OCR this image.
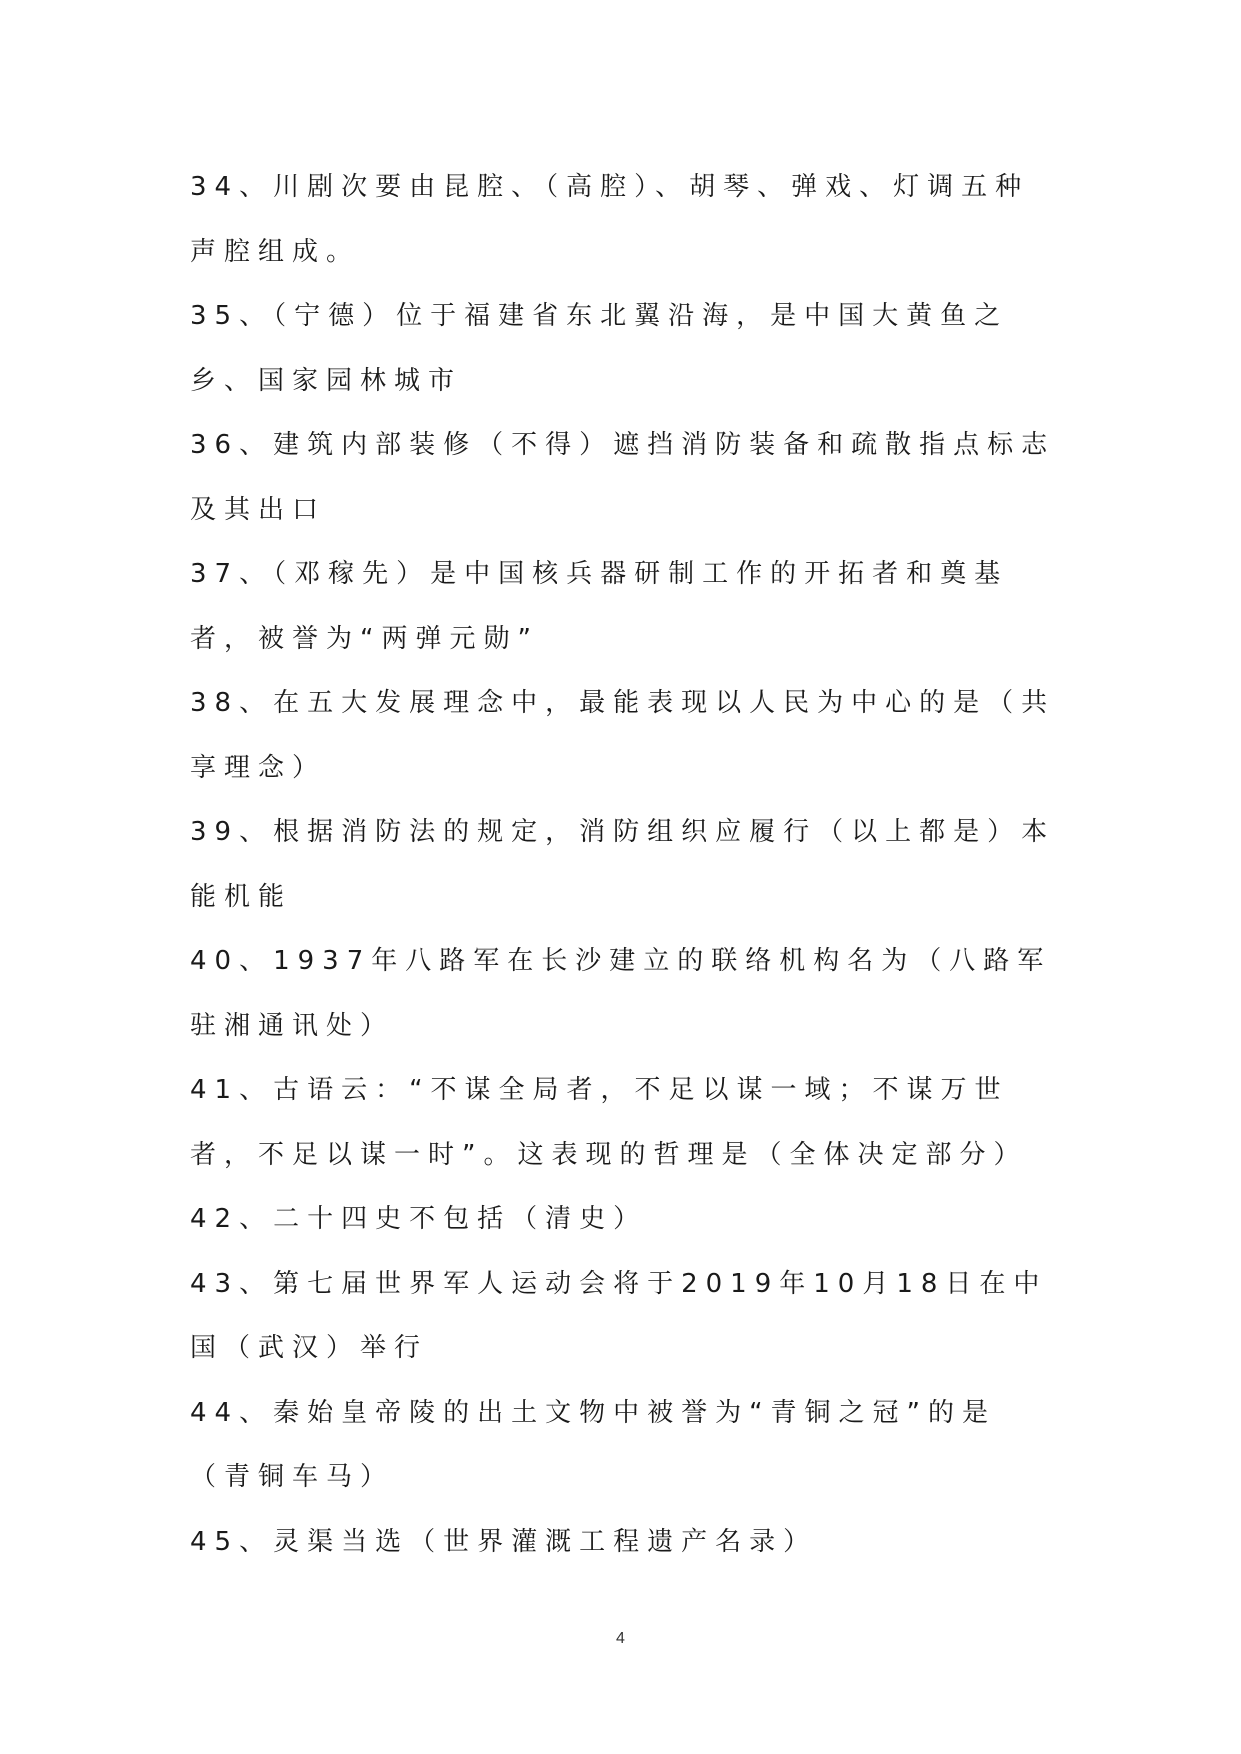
34、川剧次要由昆腔、（高腔）、胡琴、弹戏、灯调五种声腔组成。

35、（宁德）位于福建省东北翼沿海，是中国大黄鱼之乡、国家园林城市

36、建筑内部装修（不得）遮挡消防装备和疏散指点标志及其出口

37、（邓稼先）是中国核兵器研制工作的开拓者和奠基者，被誉为“两弹元勋”

38、在五大发展理念中，最能表现以人民为中心的是（共享理念）

39、根据消防法的规定，消防组织应履行（以上都是）本能机能

40、1937年八路军在长沙建立的联络机构名为（八路军驻湘通讯处）

41、古语云：“不谋全局者，不足以谋一域；不谋万世者，不足以谋一时”。这表现的哲理是（全体决定部分）

42、二十四史不包括（清史）

43、第七届世界军人运动会将于2019年10月18日在中国（武汉）举行

44、秦始皇帝陵的出土文物中被誉为“青铜之冠”的是（青铜车马）

45、灵渠当选（世界灌溉工程遗产名录）

4
